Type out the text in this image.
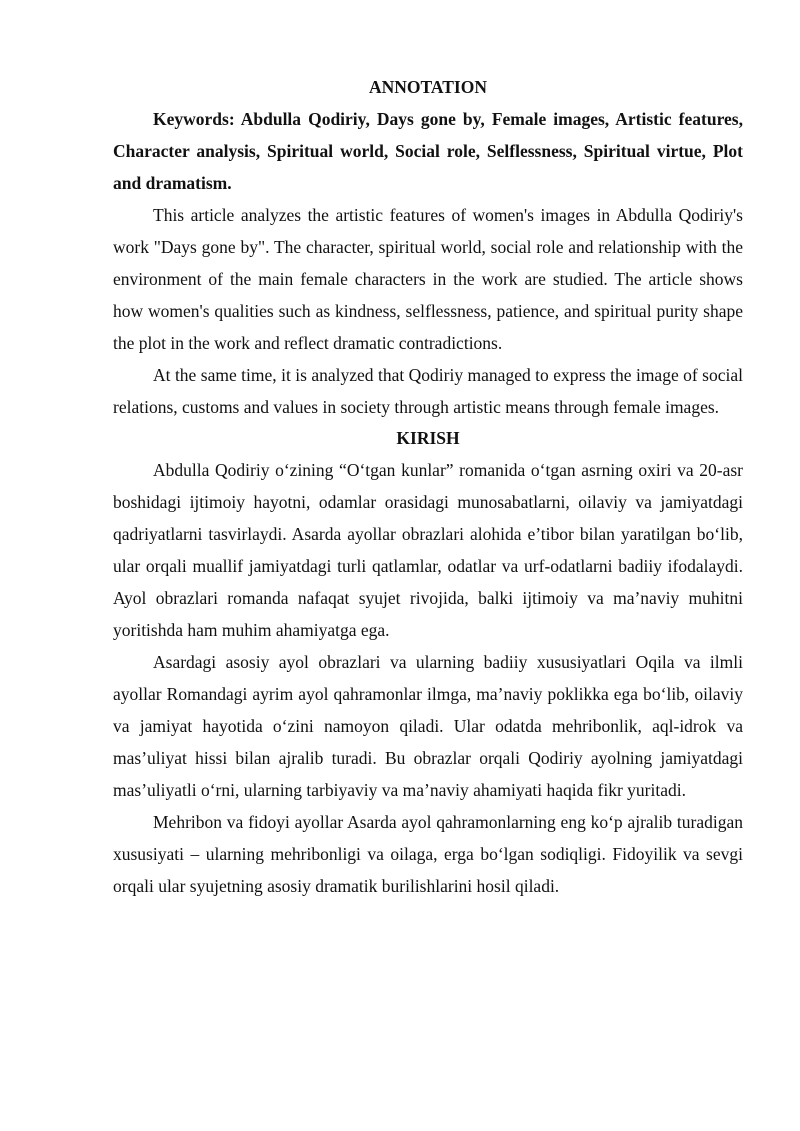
ANNOTATION

Keywords: Abdulla Qodiriy, Days gone by, Female images, Artistic features, Character analysis, Spiritual world, Social role, Selflessness, Spiritual virtue, Plot and dramatism.

This article analyzes the artistic features of women's images in Abdulla Qodiriy's work "Days gone by". The character, spiritual world, social role and relationship with the environment of the main female characters in the work are studied. The article shows how women's qualities such as kindness, selflessness, patience, and spiritual purity shape the plot in the work and reflect dramatic contradictions.

At the same time, it is analyzed that Qodiriy managed to express the image of social relations, customs and values in society through artistic means through female images.

KIRISH

Abdulla Qodiriy o‘zining “O‘tgan kunlar” romanida o‘tgan asrning oxiri va 20-asr boshidagi ijtimoiy hayotni, odamlar orasidagi munosabatlarni, oilaviy va jamiyatdagi qadriyatlarni tasvirlaydi. Asarda ayollar obrazlari alohida e’tibor bilan yaratilgan bo‘lib, ular orqali muallif jamiyatdagi turli qatlamlar, odatlar va urf-odatlarni badiiy ifodalaydi. Ayol obrazlari romanda nafaqat syujet rivojida, balki ijtimoiy va ma’naviy muhitni yoritishda ham muhim ahamiyatga ega.

Asardagi asosiy ayol obrazlari va ularning badiiy xususiyatlari Oqila va ilmli ayollar Romandagi ayrim ayol qahramonlar ilmga, ma’naviy poklikka ega bo‘lib, oilaviy va jamiyat hayotida o‘zini namoyon qiladi. Ular odatda mehribonlik, aql-idrok va mas’uliyat hissi bilan ajralib turadi. Bu obrazlar orqali Qodiriy ayolning jamiyatdagi mas’uliyatli o‘rni, ularning tarbiyaviy va ma’naviy ahamiyati haqida fikr yuritadi.

Mehribon va fidoyi ayollar Asarda ayol qahramonlarning eng ko‘p ajralib turadigan xususiyati – ularning mehribonligi va oilaga, erga bo‘lgan sodiqligi. Fidoyilik va sevgi orqali ular syujetning asosiy dramatik burilishlarini hosil qiladi.
